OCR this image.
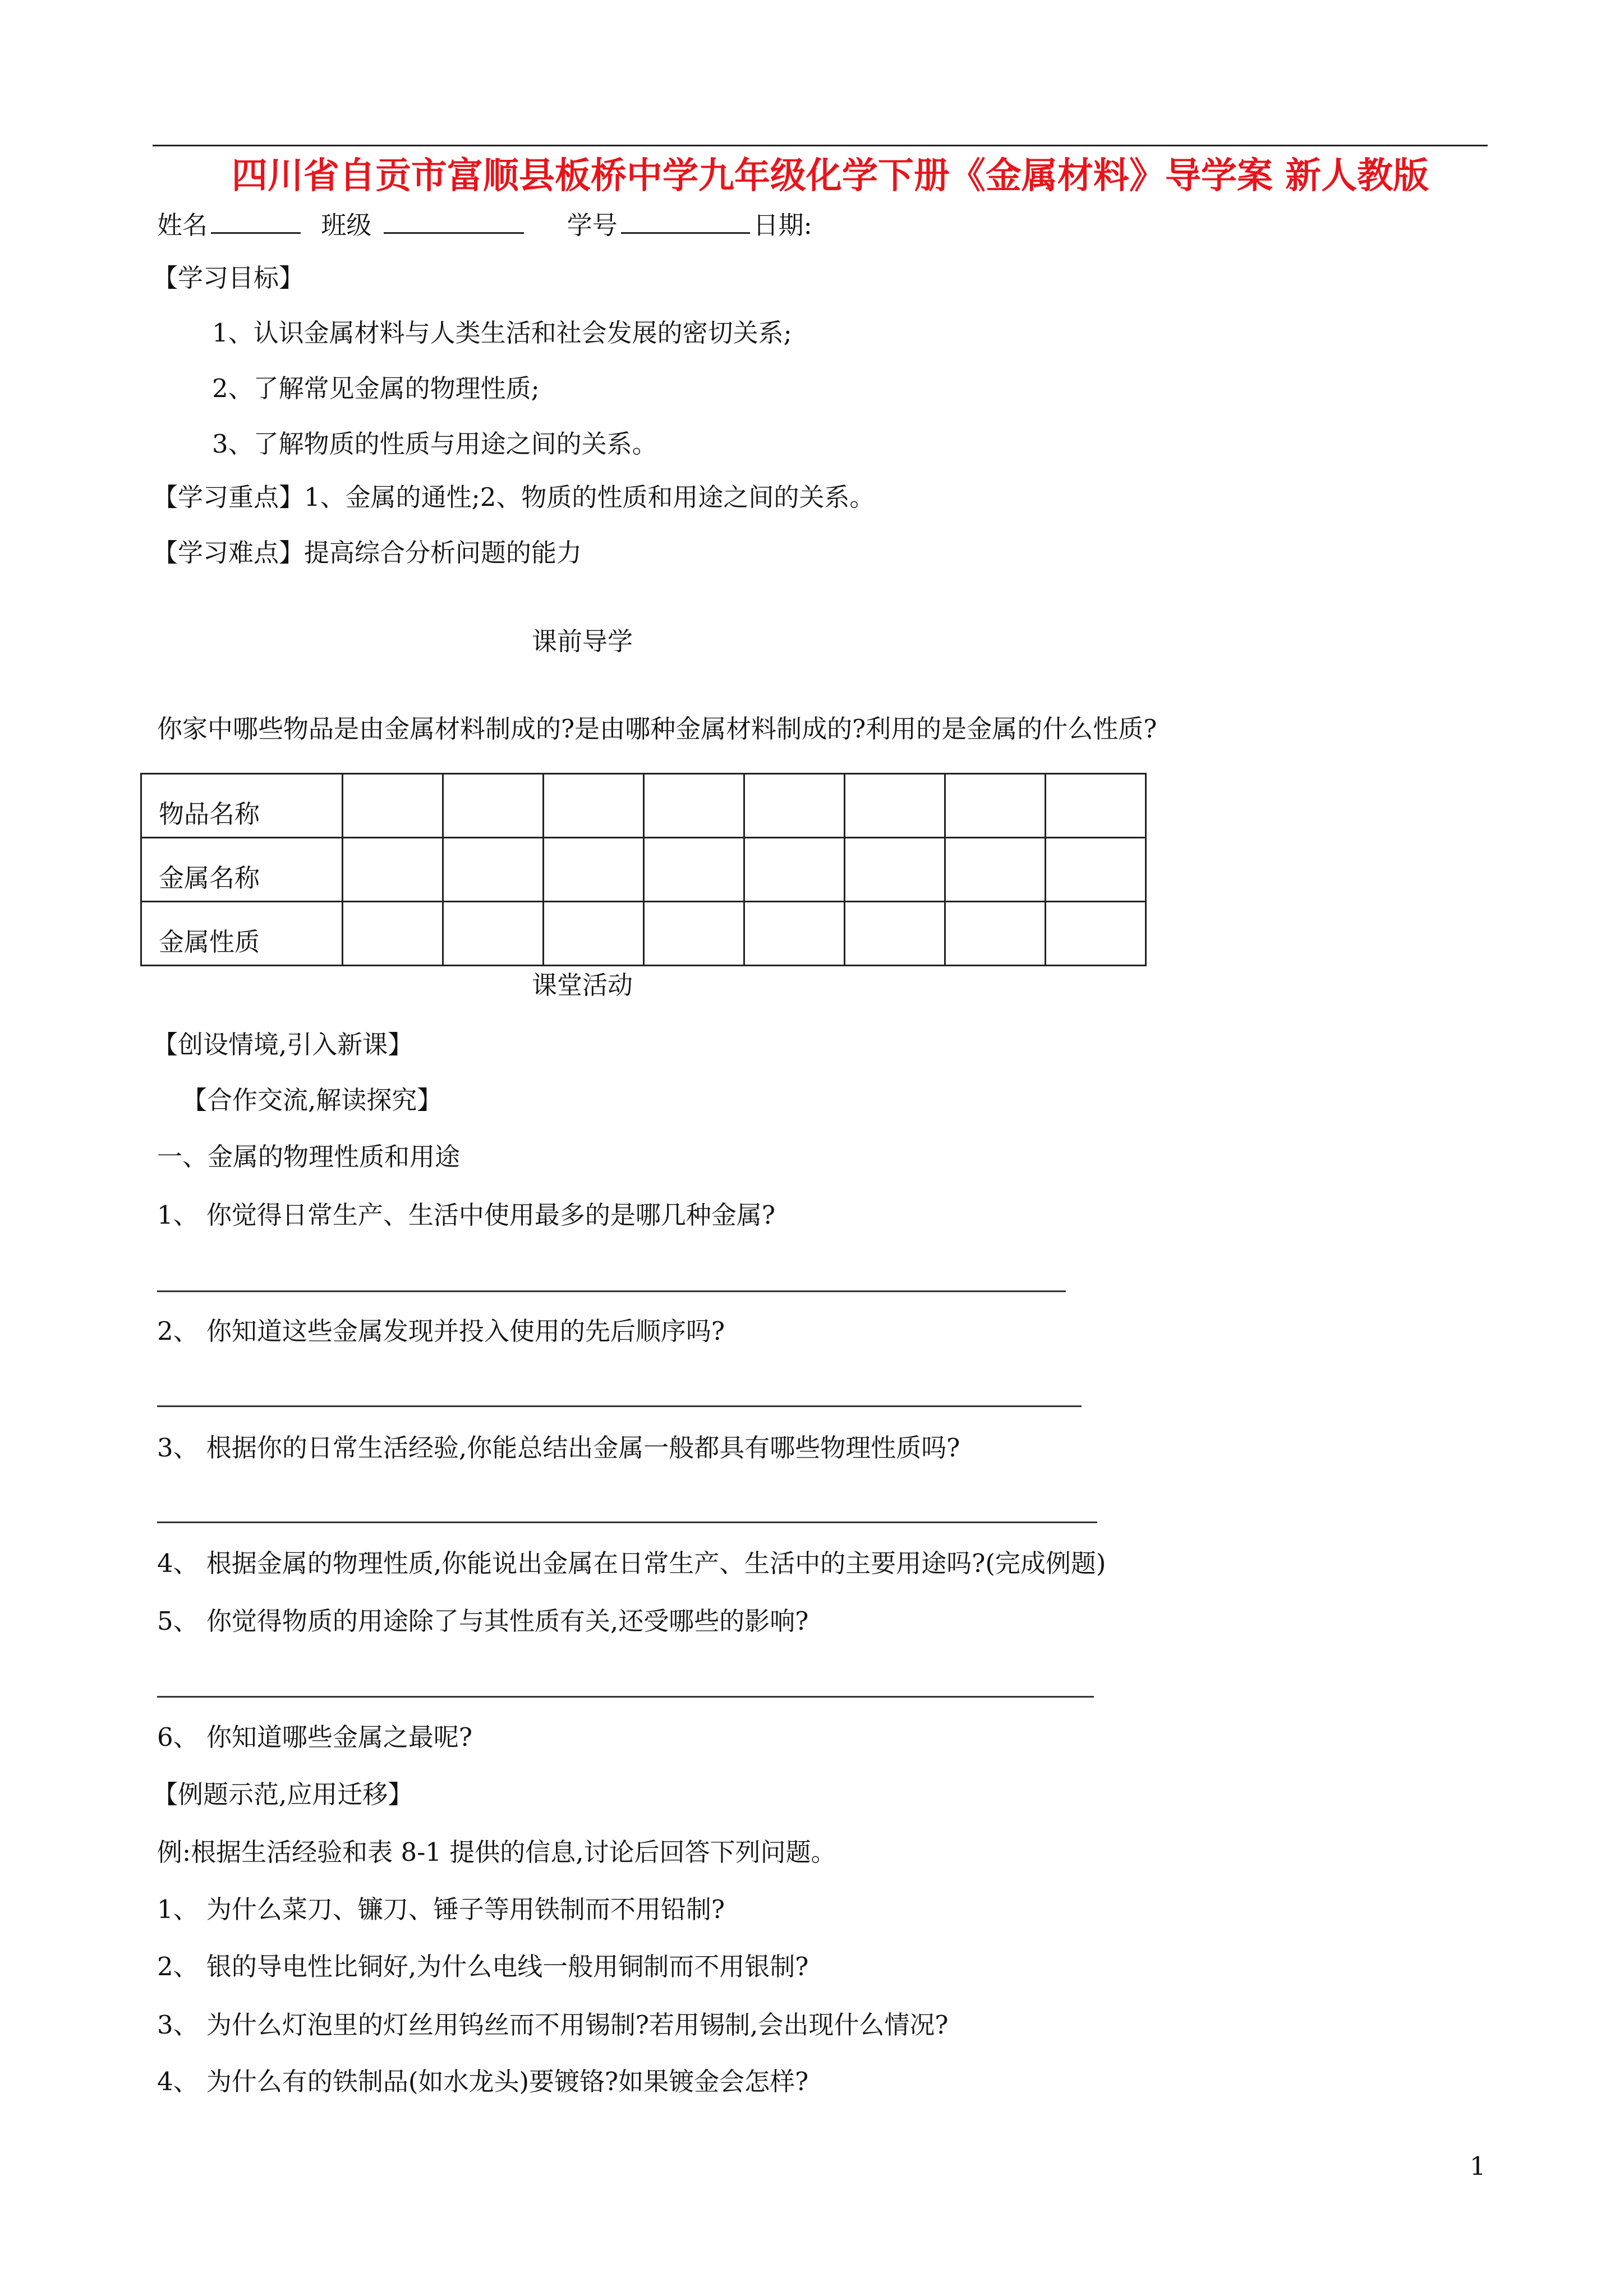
四川省自贡市富顺县板桥中学九年级化学下册《金属材料》导学案 新人教版
姓名	班级	学号	日期:
【学习目标】
1、认识金属材料与人类生活和社会发展的密切关系;
2、了解常见金属的物理性质;
3、了解物质的性质与用途之间的关系。
【学习重点】1、金属的通性;2、物质的性质和用途之间的关系。
【学习难点】提高综合分析问题的能力
课前导学
你家中哪些物品是由金属材料制成的?是由哪种金属材料制成的?利用的是金属的什么性质?
物品名称								
金属名称								
金属性质								
课堂活动
【创设情境,引入新课】
【合作交流,解读探究】
一、金属的物理性质和用途
1、 你觉得日常生产、生活中使用最多的是哪几种金属?
2、 你知道这些金属发现并投入使用的先后顺序吗?
3、 根据你的日常生活经验,你能总结出金属一般都具有哪些物理性质吗?
4、 根据金属的物理性质,你能说出金属在日常生产、生活中的主要用途吗?(完成例题)
5、 你觉得物质的用途除了与其性质有关,还受哪些的影响?
6、 你知道哪些金属之最呢?
【例题示范,应用迁移】
例:根据生活经验和表 8-1 提供的信息,讨论后回答下列问题。
1、 为什么菜刀、镰刀、锤子等用铁制而不用铅制?
2、 银的导电性比铜好,为什么电线一般用铜制而不用银制?
3、 为什么灯泡里的灯丝用钨丝而不用锡制?若用锡制,会出现什么情况?
4、 为什么有的铁制品(如水龙头)要镀铬?如果镀金会怎样?
1
